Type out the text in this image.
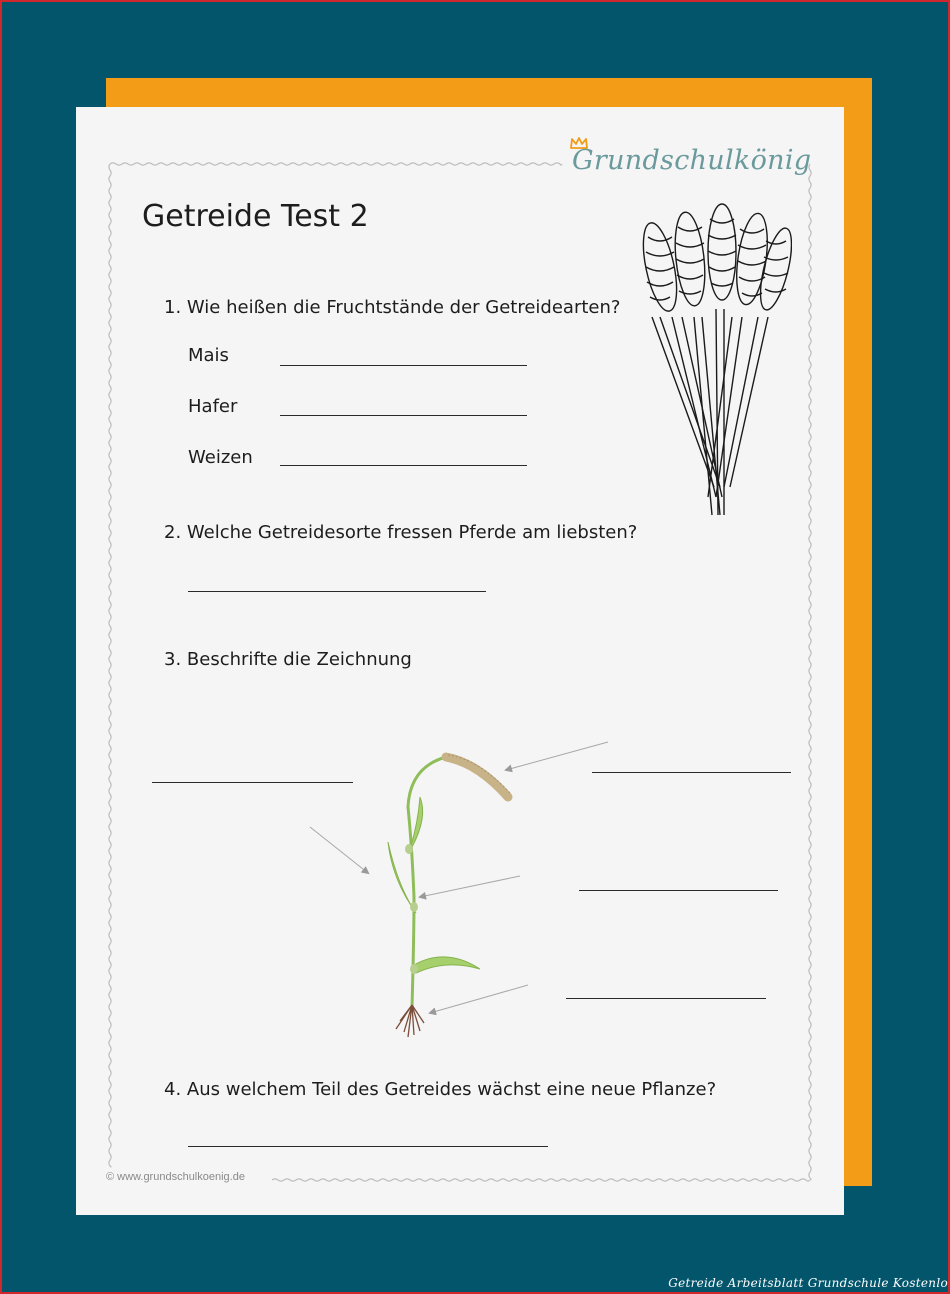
Grundschulkönig
Getreide Test 2
1. Wie heißen die Fruchtstände der Getreidearten?
Mais
Hafer
Weizen
2. Welche Getreidesorte fressen Pferde am liebsten?
3. Beschrifte die Zeichnung
4. Aus welchem Teil des Getreides wächst eine neue Pflanze?
© www.grundschulkoenig.de
Getreide Arbeitsblatt Grundschule Kostenlo
